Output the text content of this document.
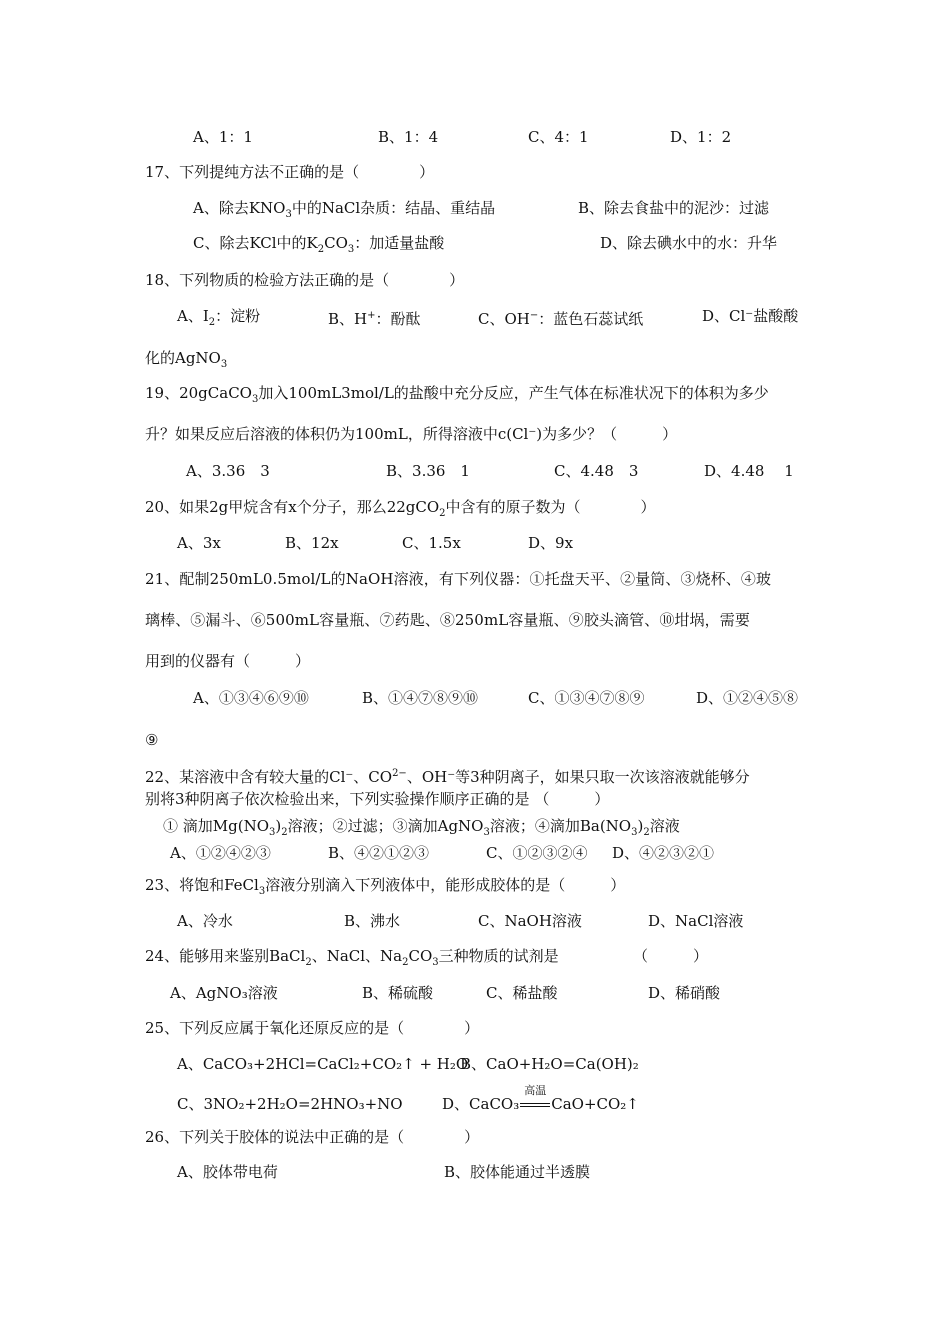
A、1：1	B、1：4	C、4：1	D、1：2
17、下列提纯方法不正确的是（　　　　）
A、除去$KNO_3$中的NaCl杂质：结晶、重结晶	B、除去食盐中的泥沙：过滤
C、除去KCl中的$K_2CO_3$：加适量盐酸	D、除去碘水中的水：升华
18、下列物质的检验方法正确的是（　　　　）
A、$I_2$：淀粉	B、H+：酚酞	C、OH−：蓝色石蕊试纸	D、Cl⁻盐酸酸
化的AgNO$_3$
19、20gCaCO$_3$加入100mL3mol/L的盐酸中充分反应，产生气体在标准状况下的体积为多少
升？如果反应后溶液的体积仍为100mL，所得溶液中c(Cl⁻)为多少？（　　　）
A、3.36　3	B、3.36　1	C、4.48　3	D、4.48　 1
20、如果2g甲烷含有x个分子，那么22gCO$_2$中含有的原子数为（　　　　）
A、3x	B、12x	C、1.5x	D、9x
21、配制250mL0.5mol/L的NaOH溶液，有下列仪器：①托盘天平、②量筒、③烧杯、④玻
璃棒、⑤漏斗、⑥500mL容量瓶、⑦药匙、⑧250mL容量瓶、⑨胶头滴管、⑩坩埚，需要
用到的仪器有（　　　）
A、①③④⑥⑨⑩	B、①④⑦⑧⑨⑩	C、①③④⑦⑧⑨	D、①②④⑤⑧
⑨
22、某溶液中含有较大量的Cl⁻、$CO^{2-}$、OH⁻等3种阴离子，如果只取一次该溶液就能够分
别将3种阴离子依次检验出来，下列实验操作顺序正确的是 （　　　）
① 滴加$Mg(NO_3)_2$溶液；②过滤；③滴加AgNO$_3$溶液；④滴加$Ba(NO_3)_2$溶液
A、①②④②③	B、④②①②③	C、①②③②④ D、④②③②①
23、将饱和FeCl$_3$溶液分别滴入下列液体中，能形成胶体的是（　　　）
A、冷水	B、沸水	C、NaOH溶液	D、NaCl溶液
24、能够用来鉴别BaCl$_2$、NaCl、$Na_2CO_3$三种物质的试剂是	（　　　）
A、AgNO₃溶液	B、稀硫酸	C、稀盐酸	D、稀硝酸
25、下列反应属于氧化还原反应的是（　　　　）
A、CaCO₃+2HCl=CaCl₂+CO₂↑ + H₂O
B、CaO+H₂O=Ca(OH)₂
C、3NO₂+2H₂O=2HNO₃+NO	D、CaCO₃
高温
CaO+CO₂↑
26、下列关于胶体的说法中正确的是（　　　　）
A、胶体带电荷	B、胶体能通过半透膜
